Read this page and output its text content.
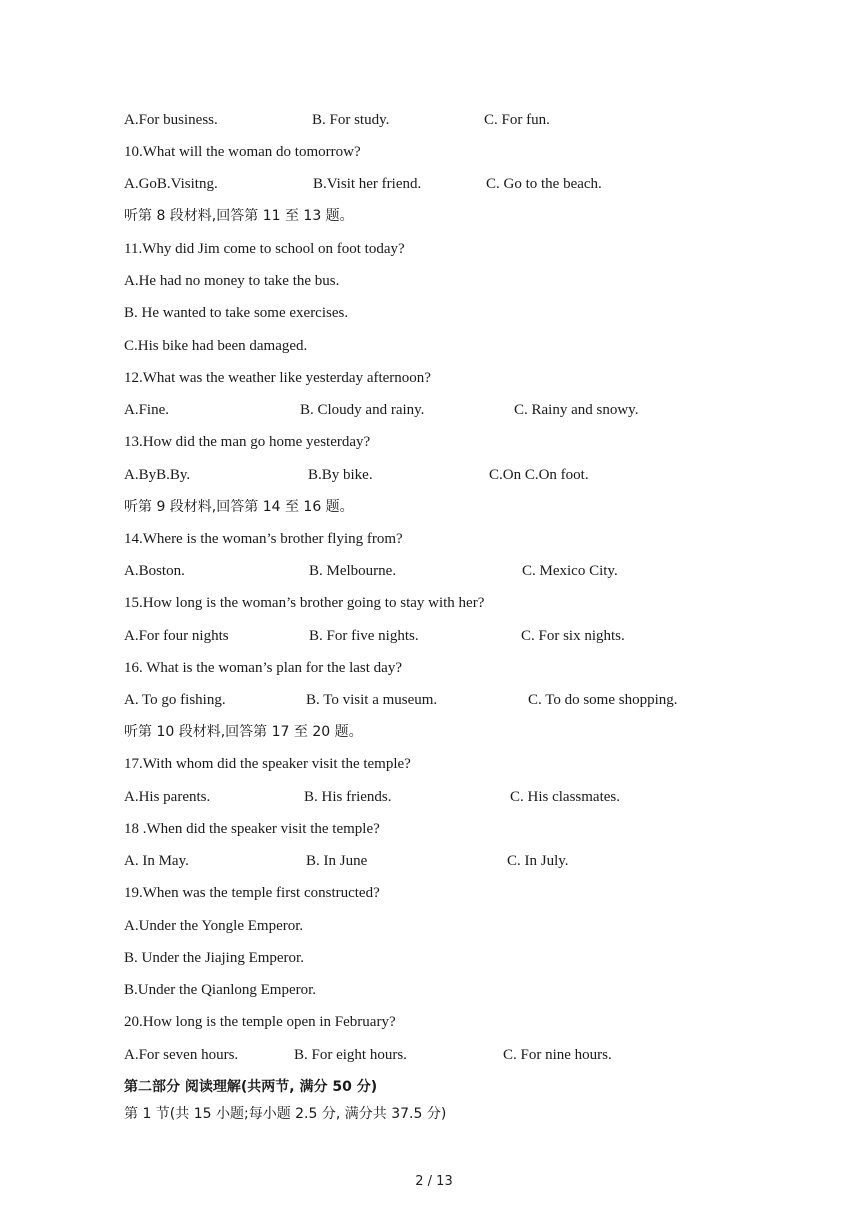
A.For business.	B. For study.	C. For fun.
10.What will the woman do tomorrow?
A.GoB.Visitng.	B.Visit her friend.	C. Go to the beach.
听第 8 段材料,回答第 11 至 13 题。
11.Why did Jim come to school on foot today?
A.He had no money to take the bus.
B. He wanted to take some exercises.
C.His bike had been damaged.
12.What was the weather like yesterday afternoon?
A.Fine.	B. Cloudy and rainy.	C. Rainy and snowy.
13.How did the man go home yesterday?
A.ByB.By.	B.By bike.	C.On C.On foot.
听第 9 段材料,回答第 14 至 16 题。
14.Where is the woman’s brother flying from?
A.Boston.	B. Melbourne.	C. Mexico City.
15.How long is the woman’s brother going to stay with her?
A.For four nights	B. For five nights.	C. For six nights.
16. What is the woman’s plan for the last day?
A. To go fishing.	B. To visit a museum.	C. To do some shopping.
听第 10 段材料,回答第 17 至 20 题。
17.With whom did the speaker visit the temple?
A.His parents.	B. His friends.	C. His classmates.
18 .When did the speaker visit the temple?
A. In May.	B. In June	C. In July.
19.When was the temple first constructed?
A.Under the Yongle Emperor.
B. Under the Jiajing Emperor.
B.Under the Qianlong Emperor.
20.How long is the temple open in February?
A.For seven hours.	B. For eight hours.	C. For nine hours.
第二部分 阅读理解(共两节, 满分 50 分)
第 1 节(共 15 小题;每小题 2.5 分, 满分共 37.5 分)
2 / 13
